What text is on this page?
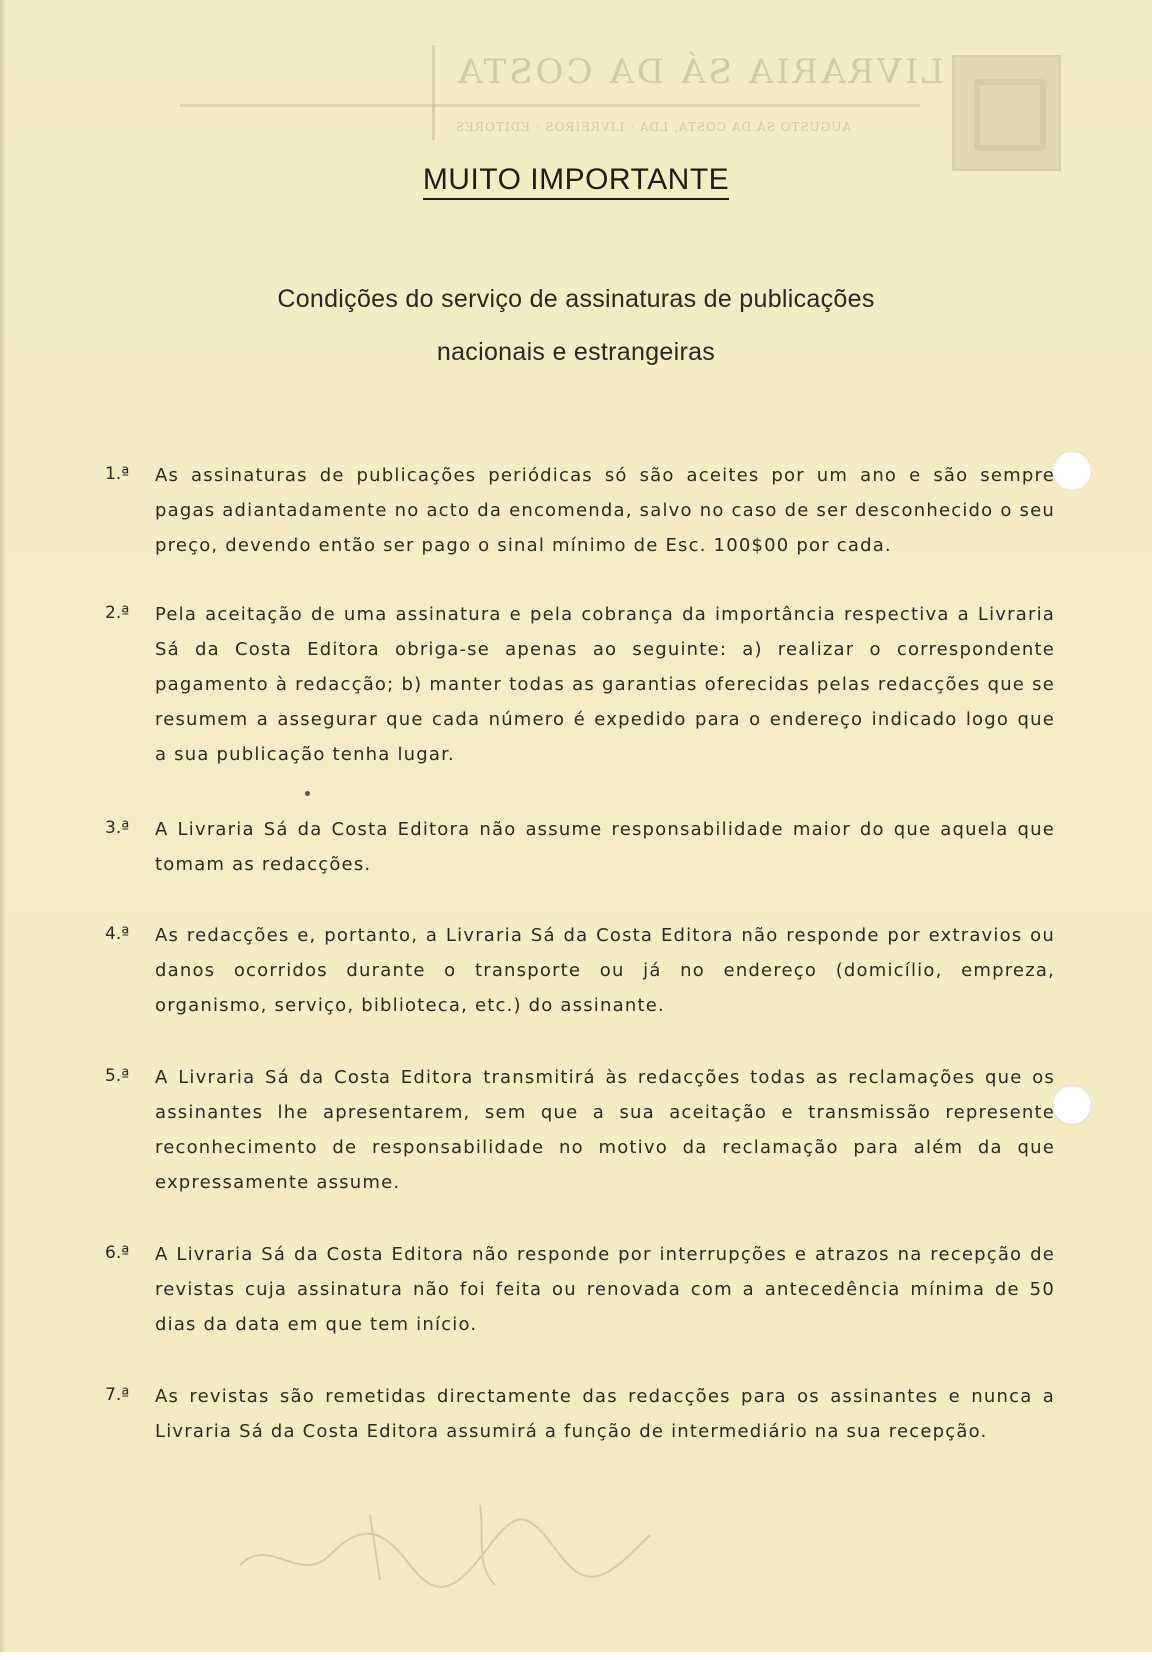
LIVRARIA SÁ DA COSTA
AUGUSTO SÁ DA COSTA, LDA · LIVREIROS · EDITORES
MUITO IMPORTANTE
Condições do serviço de assinaturas de publicações
nacionais e estrangeiras
1.ª	As assinaturas de publicações periódicas só são aceites por um ano e são sempre pagas adiantadamente no acto da encomenda, salvo no caso de ser desconhecido o seu preço, devendo então ser pago o sinal mínimo de Esc. 100$00 por cada.
2.ª	Pela aceitação de uma assinatura e pela cobrança da importância respectiva a Livraria Sá da Costa Editora obriga-se apenas ao seguinte: a) realizar o correspondente pagamento à redacção; b) manter todas as garantias oferecidas pelas redacções que se resumem a assegurar que cada número é expedido para o endereço indicado logo que a sua publicação tenha lugar.
3.ª	A Livraria Sá da Costa Editora não assume responsabilidade maior do que aquela que tomam as redacções.
4.ª	As redacções e, portanto, a Livraria Sá da Costa Editora não responde por extravios ou danos ocorridos durante o transporte ou já no endereço (domicílio, empreza, organismo, serviço, biblioteca, etc.) do assinante.
5.ª	A Livraria Sá da Costa Editora transmitirá às redacções todas as reclamações que os assinantes lhe apresentarem, sem que a sua aceitação e transmissão represente reconhecimento de responsabilidade no motivo da reclamação para além da que expressamente assume.
6.ª	A Livraria Sá da Costa Editora não responde por interrupções e atrazos na recepção de revistas cuja assinatura não foi feita ou renovada com a antecedência mínima de 50 dias da data em que tem início.
7.ª	As revistas são remetidas directamente das redacções para os assinantes e nunca a Livraria Sá da Costa Editora assumirá a função de intermediário na sua recepção.
